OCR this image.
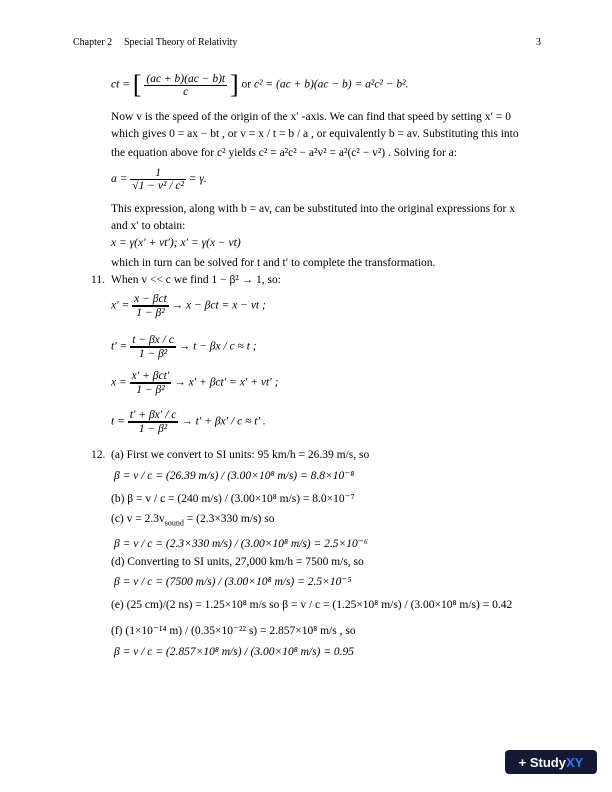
Chapter 2 Special Theory of Relativity	3
ct = [ $\frac{(ac + b)(ac - b)t}{c}$ ] or c² = (ac + b)(ac − b) = a²c² − b².
Now v is the speed of the origin of the x′ -axis. We can find that speed by setting x′ = 0
which gives 0 = ax − bt , or v = x / t = b / a , or equivalently b = av. Substituting this into
the equation above for c² yields c² = a²c² − a²v² = a²(c² − v²) . Solving for a:
$a = \frac{1}{\text{√1 − v² / c²}} = \gamma$.
This expression, along with b = av, can be substituted into the original expressions for x
and x′ to obtain:
x = γ(x′ + vt′); x′ = γ(x − vt)
which in turn can be solved for t and t′ to complete the transformation.
11. When v << c we find 1 − β² → 1, so:
$x' = \frac{\text{x − βct}}{\text{1 − β²}} \to x - \beta ct = x$ − vt ;
$t' = \frac{t - \beta x / c}{\text{1 − β²}} \to t - \beta x / c \approx t$ ;
$x = \frac{\text{x′ + βct′}}{\text{1 − β²}} \to x' + \beta ct' = x' + vt'$ ;
$t = \frac{t' + \beta x' / c}{\text{1 − β²}} \to t' + \beta x' / c \approx t'$ .
12. (a) First we convert to SI units: 95 km/h = 26.39 m/s, so
β = v / c = (26.39 m/s) / (3.00×10⁸ m/s) = 8.8×10⁻⁸
(b) β = v / c = (240 m/s) / (3.00×10⁸ m/s) = 8.0×10⁻⁷
(c) $v = 2.3v_{sound} = (2.3\times 330$ m/s) so
β = v / c = (2.3×330 m/s) / (3.00×10⁸ m/s) = 2.5×10⁻⁶
(d) Converting to SI units, 27,000 km/h = 7500 m/s, so
β = v / c = (7500 m/s) / (3.00×10⁸ m/s) = 2.5×10⁻⁵
(e) (25 cm)/(2 ns) = 1.25×10⁸ m/s so β = v / c = (1.25×10⁸ m/s) / (3.00×10⁸ m/s) = 0.42
(f) (1×10⁻¹⁴ m) / (0.35×10⁻²² s) = 2.857×10⁸ m/s , so
β = v / c = (2.857×10⁸ m/s) / (3.00×10⁸ m/s) = 0.95
+ Study XY
